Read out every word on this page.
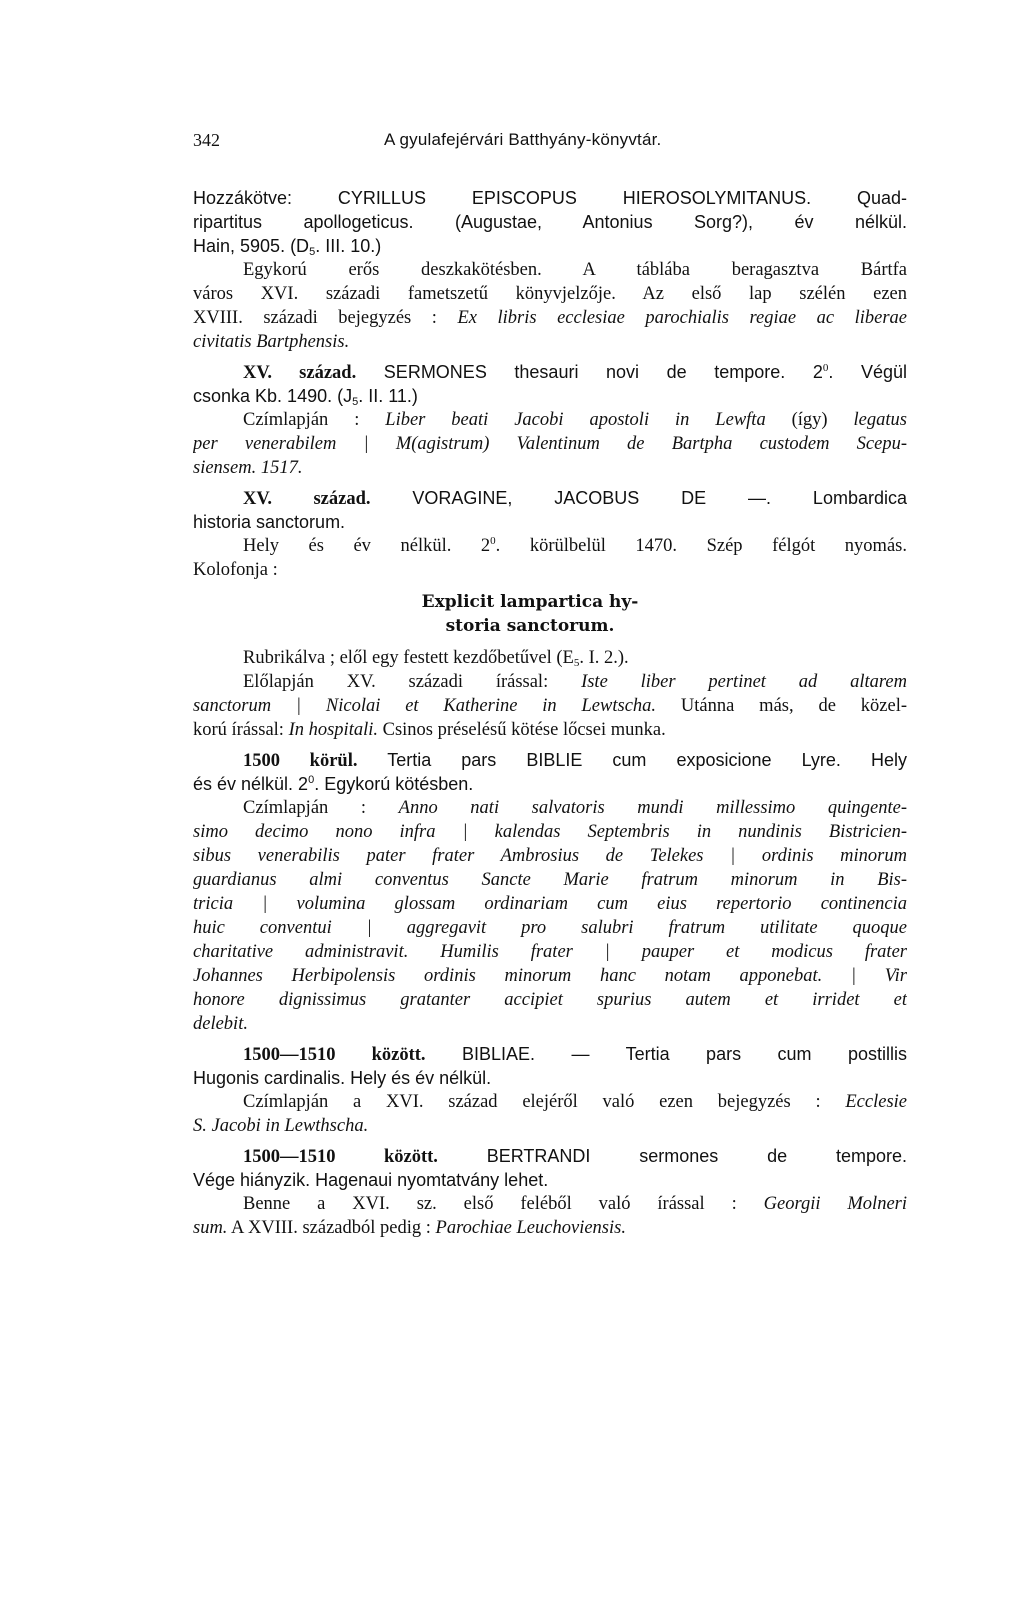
342	A gyulafejérvári Batthyány-könyvtár.
Hozzákötve: CYRILLUS EPISCOPUS HIEROSOLYMITANUS. Quad-
ripartitus apollogeticus. (Augustae, Antonius Sorg?), év nélkül.
Hain, 5905. ($D_5$. III. 10.)
Egykorú erős deszkakötésben. A táblába beragasztva Bártfa
város XVI. századi fametszetű könyvjelzője. Az első lap szélén ezen
XVIII. századi bejegyzés : Ex libris ecclesiae parochialis regiae ac liberae
civitatis Bartphensis.
XV. század. SERMONES thesauri novi de tempore. $2^0$. Végül
csonka Kb. 1490. ($J_5$. II. 11.)
Czímlapján : Liber beati Jacobi apostoli in Lewfta (így) legatus
per venerabilem | M(agistrum) Valentinum de Bartpha custodem Scepu-
siensem. 1517.
XV. század. VORAGINE, JACOBUS DE —. Lombardica
historia sanctorum.
Hely és év nélkül. $2^0$. körülbelül 1470. Szép félgót nyomás.
Kolofonja :
Explicit lampartica hy-
storia sanctorum.
Rubrikálva ; elől egy festett kezdőbetűvel ($E_5$. I. 2.).
Előlapján XV. századi írással: Iste liber pertinet ad altarem
sanctorum | Nicolai et Katherine in Lewtscha. Utánna más, de közel-
korú írással: In hospitali. Csinos préselésű kötése lőcsei munka.
1500 körül. Tertia pars BIBLIE cum exposicione Lyre. Hely
és év nélkül. $2^0$. Egykorú kötésben.
Czímlapján : Anno nati salvatoris mundi millessimo quingente-
simo decimo nono infra | kalendas Septembris in nundinis Bistricien-
sibus venerabilis pater frater Ambrosius de Telekes | ordinis minorum
guardianus almi conventus Sancte Marie fratrum minorum in Bis-
tricia | volumina glossam ordinariam cum eius repertorio continencia
huic conventui | aggregavit pro salubri fratrum utilitate quoque
charitative administravit. Humilis frater | pauper et modicus frater
Johannes Herbipolensis ordinis minorum hanc notam apponebat. | Vir
honore dignissimus gratanter accipiet spurius autem et irridet et
delebit.
1500—1510 között. BIBLIAE. — Tertia pars cum postillis
Hugonis cardinalis. Hely és év nélkül.
Czímlapján a XVI. század elejéről való ezen bejegyzés : Ecclesie
S. Jacobi in Lewthscha.
1500—1510 között. BERTRANDI sermones de tempore.
Vége hiányzik. Hagenaui nyomtatvány lehet.
Benne a XVI. sz. első feléből való írással : Georgii Molneri
sum. A XVIII. századból pedig : Parochiae Leuchoviensis.
